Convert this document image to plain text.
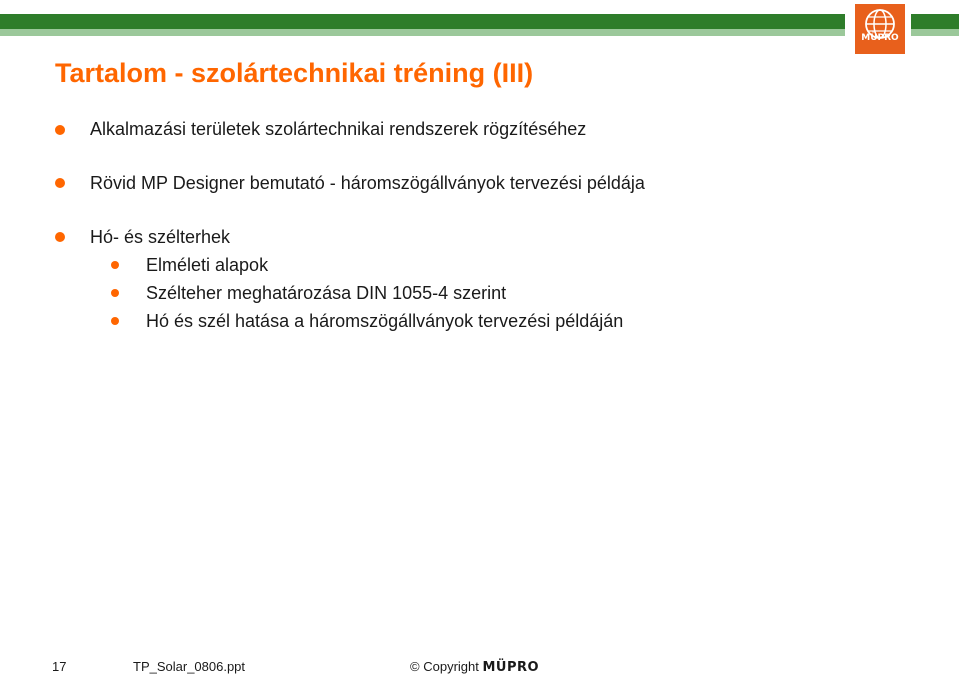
MÜPRO
Tartalom - szolártechnikai tréning (III)
Alkalmazási területek szolártechnikai rendszerek rögzítéséhez
Rövid MP Designer bemutató - háromszögállványok tervezési példája
Hó- és szélterhek
Elméleti alapok
Szélteher meghatározása DIN 1055-4 szerint
Hó és szél hatása a háromszögállványok tervezési példáján
17	TP_Solar_0806.ppt	© Copyright MÜPRO
